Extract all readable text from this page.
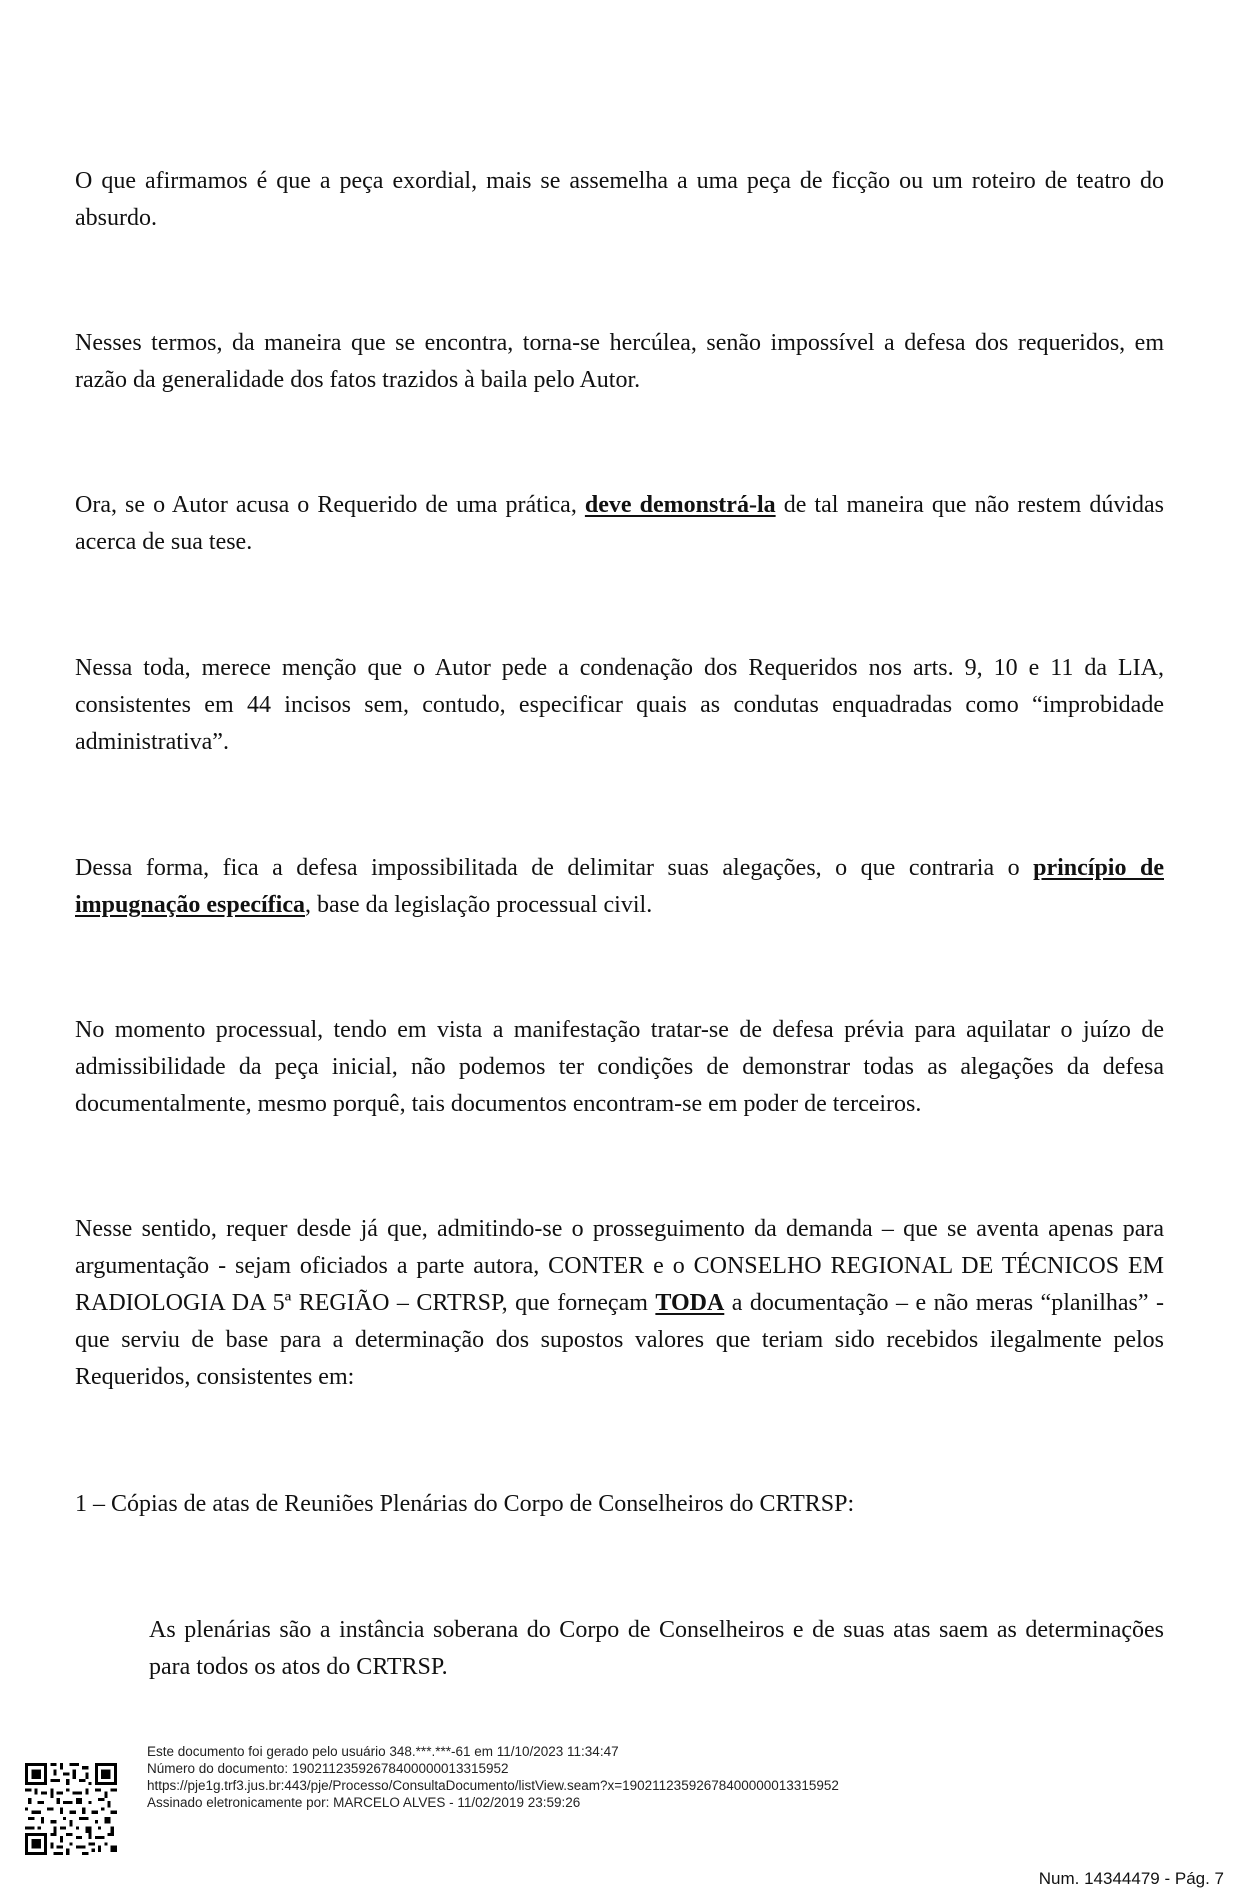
O que afirmamos é que a peça exordial, mais se assemelha a uma peça de ficção ou um roteiro de teatro do absurdo.

Nesses termos, da maneira que se encontra, torna-se hercúlea, senão impossível a defesa dos requeridos, em razão da generalidade dos fatos trazidos à baila pelo Autor.

Ora, se o Autor acusa o Requerido de uma prática, deve demonstrá-la de tal maneira que não restem dúvidas acerca de sua tese.

Nessa toda, merece menção que o Autor pede a condenação dos Requeridos nos arts. 9, 10 e 11 da LIA, consistentes em 44 incisos sem, contudo, especificar quais as condutas enquadradas como “improbidade administrativa”.

Dessa forma, fica a defesa impossibilitada de delimitar suas alegações, o que contraria o princípio de impugnação específica, base da legislação processual civil.

No momento processual, tendo em vista a manifestação tratar-se de defesa prévia para aquilatar o juízo de admissibilidade da peça inicial, não podemos ter condições de demonstrar todas as alegações da defesa documentalmente, mesmo porquê, tais documentos encontram-se em poder de terceiros.

Nesse sentido, requer desde já que, admitindo-se o prosseguimento da demanda – que se aventa apenas para argumentação - sejam oficiados a parte autora, CONTER e o CONSELHO REGIONAL DE TÉCNICOS EM RADIOLOGIA DA 5ª REGIÃO – CRTRSP, que forneçam TODA a documentação – e não meras “planilhas” - que serviu de base para a determinação dos supostos valores que teriam sido recebidos ilegalmente pelos Requeridos, consistentes em:

1 – Cópias de atas de Reuniões Plenárias do Corpo de Conselheiros do CRTRSP:

As plenárias são a instância soberana do Corpo de Conselheiros e de suas atas saem as determinações para todos os atos do CRTRSP.

Este documento foi gerado pelo usuário 348.***.***-61 em 11/10/2023 11:34:47
Número do documento: 19021123592678400000013315952
https://pje1g.trf3.jus.br:443/pje/Processo/ConsultaDocumento/listView.seam?x=19021123592678400000013315952
Assinado eletronicamente por: MARCELO ALVES - 11/02/2019 23:59:26
Num. 14344479 - Pág. 7
